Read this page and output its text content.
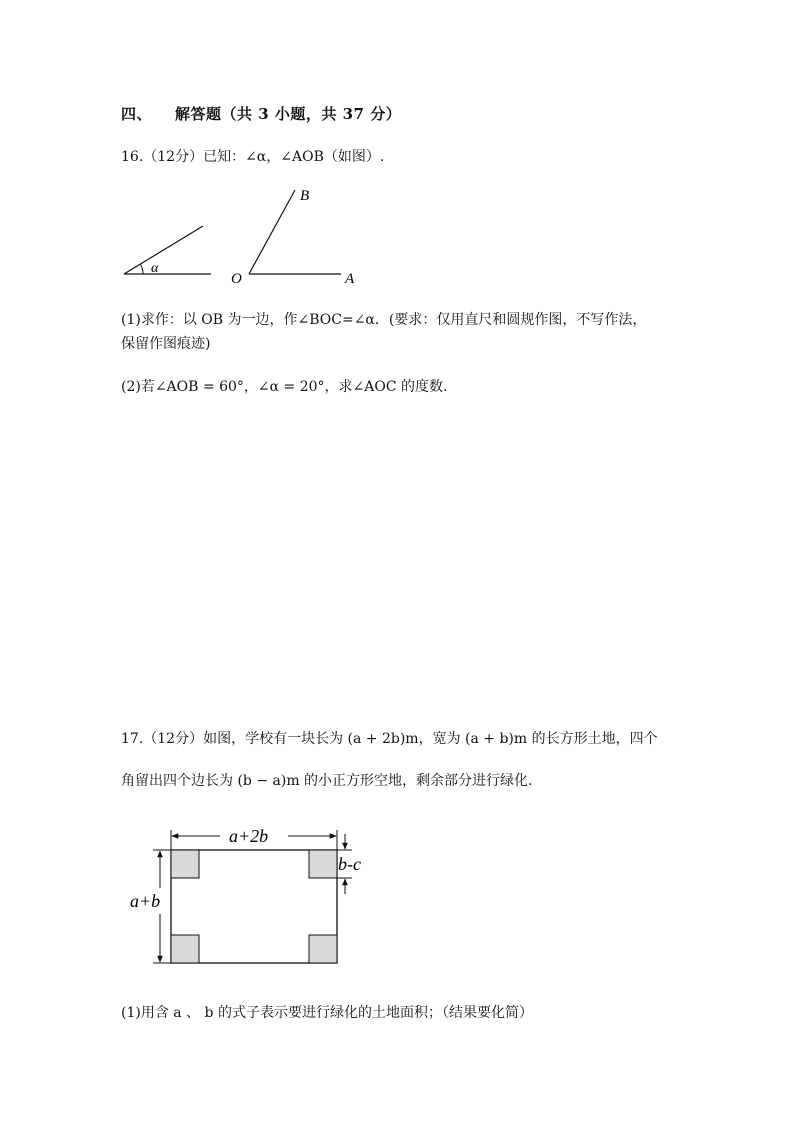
四、 解答题（共 3 小题，共 37 分）
16.（12分）已知：∠α，∠AOB（如图）.
α
B
O	A
(1)求作：以 OB 为一边，作∠BOC=∠α．(要求：仅用直尺和圆规作图，不写作法，
保留作图痕迹)
(2)若∠AOB = 60°，∠α = 20°，求∠AOC 的度数.
17.（12分）如图，学校有一块长为 (a + 2b)m，宽为 (a + b)m 的长方形土地，四个
角留出四个边长为 (b − a)m 的小正方形空地，剩余部分进行绿化.
a+2b
a+b
b-c
(1)用含 a 、 b 的式子表示要进行绿化的土地面积；（结果要化简）
